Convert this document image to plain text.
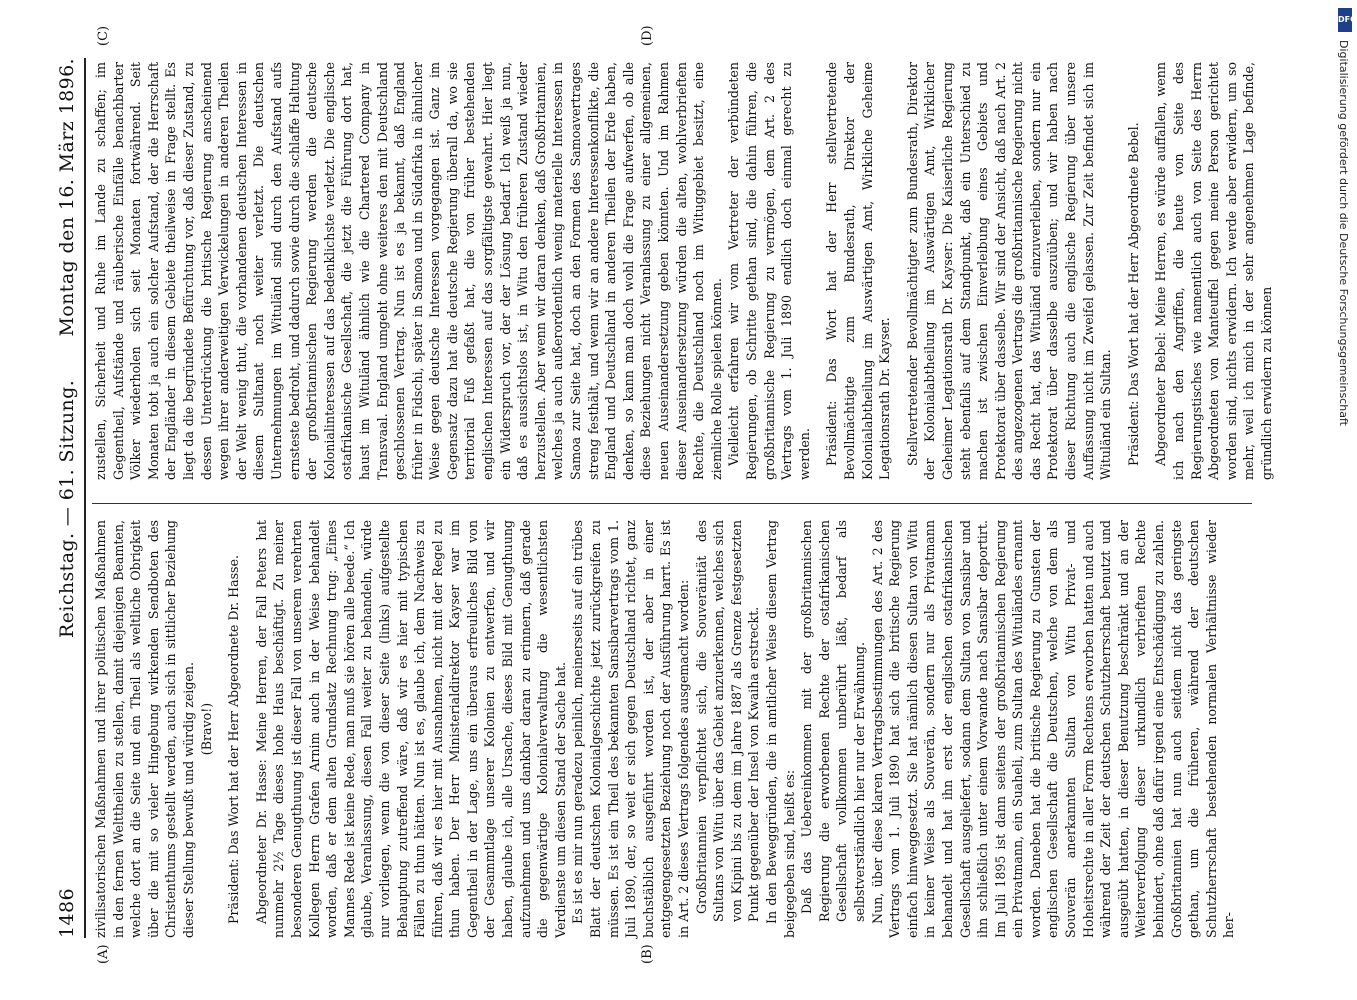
1486
Reichstag. — 61. Sitzung.
Montag den 16. März 1896.
(A)	(B)
(C)	(D)

zivilisatorischen Maßnahmen und ihrer politischen Maßnahmen in den fernen Welttheilen zu stellen, damit diejenigen Beamten, welche dort an die Seite und ein Theil als weltliche Obrigkeit über die mit so vieler Hingebung wirkenden Sendboten des Christenthums gestellt werden, auch sich in sittlicher Beziehung dieser Stellung bewußt und würdig zeigen. (Bravo!) Präsident: Das Wort hat der Herr Abgeordnete Dr. Hasse. Abgeordneter Dr. Hasse: Meine Herren, der Fall Peters hat nunmehr 2½ Tage dieses hohe Haus beschäftigt. Zu meiner besonderen Genugthuung ist dieser Fall von unserem verehrten Kollegen Herrn Grafen Arnim auch in der Weise behandelt worden, daß er dem alten Grundsatz Rechnung trug: „Eines Mannes Rede ist keine Rede, man muß sie hören alle beede.“ Ich glaube, Veranlassung, diesen Fall weiter zu behandeln, würde nur vorliegen, wenn die von dieser Seite (links) aufgestellte Behauptung zutreffend wäre, daß wir es hier mit typischen Fällen zu thun hätten. Nun ist es, glaube ich, dem Nachweis zu führen, daß wir es hier mit Ausnahmen, nicht mit der Regel zu thun haben. Der Herr Ministerialdirektor Kayser war im Gegentheil in der Lage, uns ein überaus erfreuliches Bild von der Gesammtlage unserer Kolonien zu entwerfen, und wir haben, glaube ich, alle Ursache, dieses Bild mit Genugthuung aufzunehmen und uns dankbar daran zu erinnern, daß gerade die gegenwärtige Kolonialverwaltung die wesentlichsten Verdienste um diesen Stand der Sache hat. Es ist es mir nun geradezu peinlich, meinerseits auf ein trübes Blatt der deutschen Kolonialgeschichte jetzt zurückgreifen zu müssen. Es ist ein Theil des bekannten Sansibarvertrags vom 1. Juli 1890, der, so weit er sich gegen Deutschland richtet, ganz buchstäblich ausgeführt worden ist, der aber in einer entgegengesetzten Beziehung noch der Ausführung harrt. Es ist in Art. 2 dieses Vertrags folgendes ausgemacht worden: Großbritannien verpflichtet sich, die Souveränität des Sultans von Witu über das Gebiet anzuerkennen, welches sich von Kipini bis zu dem im Jahre 1887 als Grenze festgesetzten Punkt gegenüber der Insel von Kwaiha erstreckt. In den Beweggründen, die in amtlicher Weise diesem Vertrag beigegeben sind, heißt es: Daß das Uebereinkommen mit der großbritannischen Regierung die erworbenen Rechte der ostafrikanischen Gesellschaft vollkommen unberührt läßt, bedarf als selbstverständlich hier nur der Erwähnung. Nun, über diese klaren Vertragsbestimmungen des Art. 2 des Vertrags vom 1. Juli 1890 hat sich die britische Regierung einfach hinweggesetzt. Sie hat nämlich diesen Sultan von Witu in keiner Weise als Souverän, sondern nur als Privatmann behandelt und hat ihn erst der englischen ostafrikanischen Gesellschaft ausgeliefert, sodann dem Sultan von Sansibar und ihn schließlich unter einem Vorwande nach Sansibar deportirt. Im Juli 1895 ist dann seitens der großbritannischen Regierung ein Privatmann, ein Suaheli, zum Sultan des Wituländes ernannt worden. Daneben hat die britische Regierung zu Gunsten der englischen Gesellschaft die Deutschen, welche von dem als Souverän anerkannten Sultan von Witu Privat- und Hoheitsrechte in aller Form Rechtens erworben hatten und auch während der Zeit der deutschen Schutzherrschaft benutzt und ausgeübt hatten, in dieser Benutzung beschränkt und an der Weiterverfolgung dieser urkundlich verbrieften Rechte behindert, ohne daß dafür irgend eine Entschädigung zu zahlen. Großbritannien hat nun auch seitdem nicht das geringste gethan, um die früheren, während der deutschen Schutzherrschaft bestehenden normalen Verhältnisse wieder her-

zustellen, Sicherheit und Ruhe im Lande zu schaffen; im Gegentheil, Aufstände und räuberische Einfälle benachbarter Völker wiederholen sich seit Monaten fortwährend. Seit Monaten tobt ja auch ein solcher Aufstand, der die Herrschaft der Engländer in diesem Gebiete theilweise in Frage stellt. Es liegt da die begründete Befürchtung vor, daß dieser Zustand, zu dessen Unterdrückung die britische Regierung anscheinend wegen ihrer anderweitigen Verwickelungen in anderen Theilen der Welt wenig thut, die vorhandenen deutschen Interessen in diesem Sultanat noch weiter verletzt. Die deutschen Unternehmungen im Wituländ sind durch den Aufstand aufs ernsteste bedroht, und dadurch sowie durch die schlaffe Haltung der großbritannischen Regierung werden die deutsche Kolonialinteressen auf das bedenklichste verletzt. Die englische ostafrikanische Gesellschaft, die jetzt die Führung dort hat, haust im Wituländ ähnlich wie die Chartered Company in Transvaal. England umgeht ohne weiteres den mit Deutschland geschlossenen Vertrag. Nun ist es ja bekannt, daß England früher in Fidschi, später in Samoa und in Südafrika in ähnlicher Weise gegen deutsche Interessen vorgegangen ist. Ganz im Gegensatz dazu hat die deutsche Regierung überall da, wo sie territorial Fuß gefaßt hat, die von früher bestehenden englischen Interessen auf das sorgfältigste gewahrt. Hier liegt ein Widerspruch vor, der der Lösung bedarf. Ich weiß ja nun, daß es aussichtslos ist, in Witu den früheren Zustand wieder herzustellen. Aber wenn wir daran denken, daß Großbritannien, welches ja auch außerordentlich wenig materielle Interessen in Samoa zur Seite hat, doch an den Formen des Samoavertrages streng festhält, und wenn wir an andere Interessenkonflikte, die England und Deutschland in anderen Theilen der Erde haben, denken, so kann man doch wohl die Frage aufwerfen, ob alle diese Beziehungen nicht Veranlassung zu einer allgemeinen, neuen Auseinandersetzung geben könnten. Und im Rahmen dieser Auseinandersetzung würden die alten, wohlverbrieften Rechte, die Deutschland noch im Wituggebiet besitzt, eine ziemliche Rolle spielen können. Vielleicht erfahren wir vom Vertreter der verbündeten Regierungen, ob Schritte gethan sind, die dahin führen, die großbritannische Regierung zu vermögen, dem Art. 2 des Vertrags vom 1. Juli 1890 endlich doch einmal gerecht zu werden. Präsident: Das Wort hat der Herr stellvertretende Bevollmächtigte zum Bundesrath, Direktor der Kolonialabtheilung im Auswärtigen Amt, Wirkliche Geheime Legationsrath Dr. Kayser. Stellvertretender Bevollmächtigter zum Bundesrath, Direktor der Kolonialabtheilung im Auswärtigen Amt, Wirklicher Geheimer Legationsrath Dr. Kayser: Die Kaiserliche Regierung steht ebenfalls auf dem Standpunkt, daß ein Unterschied zu machen ist zwischen Einverleibung eines Gebiets und Protektorat über dasselbe. Wir sind der Ansicht, daß nach Art. 2 des angezogenen Vertrags die großbritannische Regierung nicht das Recht hat, das Wituländ einzuverleiben, sondern nur ein Protektorat über dasselbe auszuüben; und wir haben nach dieser Richtung auch die englische Regierung über unsere Auffassung nicht im Zweifel gelassen. Zur Zeit befindet sich im Wituländ ein Sultan. Präsident: Das Wort hat der Herr Abgeordnete Bebel. Abgeordneter Bebel: Meine Herren, es würde auffallen, wenn ich nach den Angriffen, die heute von Seite des Regierungstisches wie namentlich auch von Seite des Herrn Abgeordneten von Manteuffel gegen meine Person gerichtet worden sind, nichts erwidern. Ich werde aber erwidern, um so mehr, weil ich mich in der sehr angenehmen Lage befinde, gründlich erwidern zu können

DFG
Digitalisierung gefördert durch die Deutsche Forschungsgemeinschaft
